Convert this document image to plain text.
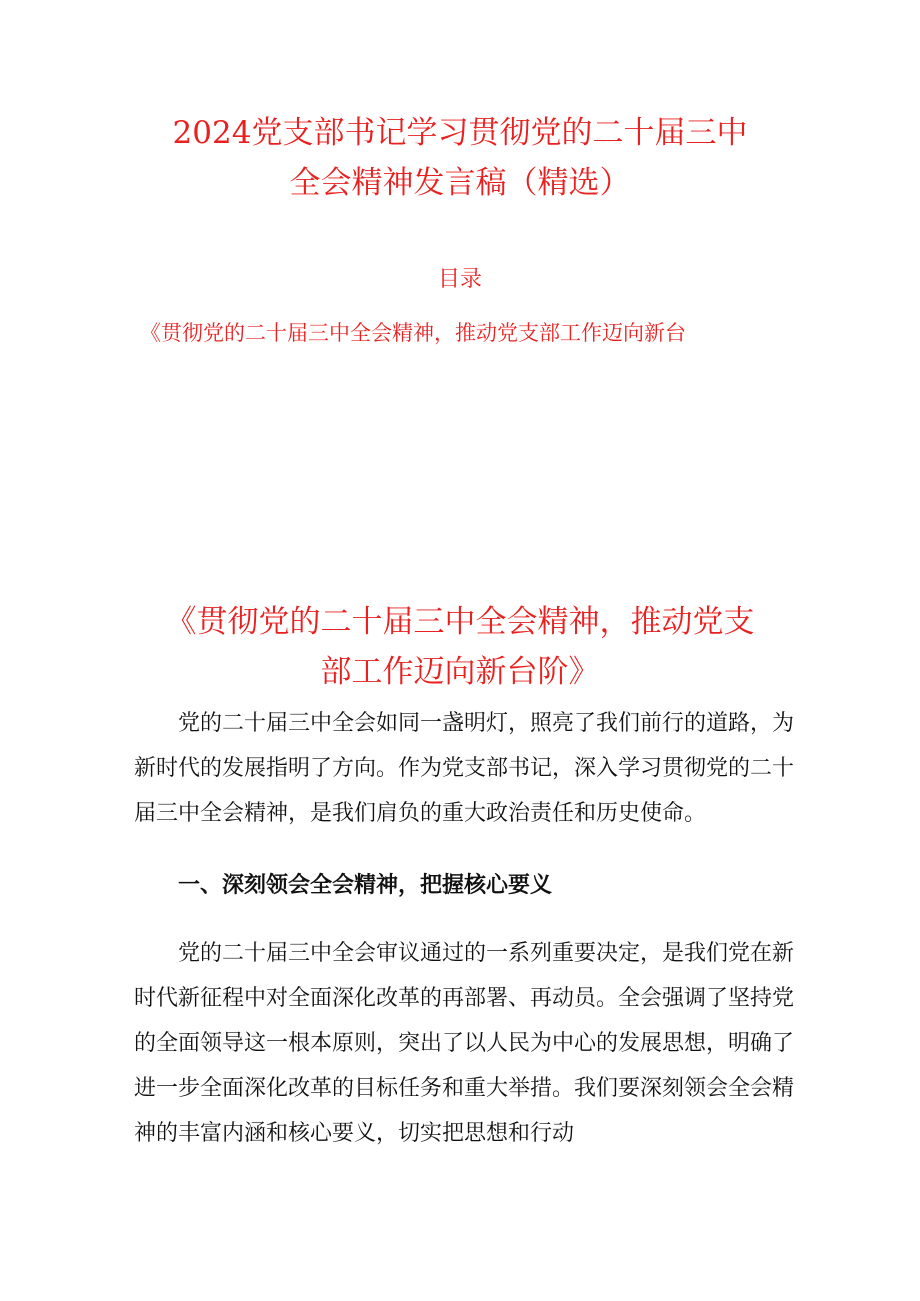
2024党支部书记学习贯彻党的二十届三中
全会精神发言稿（精选）
目录

《贯彻党的二十届三中全会精神，推动党支部工作迈向新台

《贯彻党的二十届三中全会精神，推动党支
部工作迈向新台阶》

党的二十届三中全会如同一盏明灯，照亮了我们前行的道路，为新时代的发展指明了方向。作为党支部书记，深入学习贯彻党的二十届三中全会精神，是我们肩负的重大政治责任和历史使命。

一、深刻领会全会精神，把握核心要义

党的二十届三中全会审议通过的一系列重要决定，是我们党在新时代新征程中对全面深化改革的再部署、再动员。全会强调了坚持党的全面领导这一根本原则，突出了以人民为中心的发展思想，明确了进一步全面深化改革的目标任务和重大举措。我们要深刻领会全会精神的丰富内涵和核心要义，切实把思想和行动
